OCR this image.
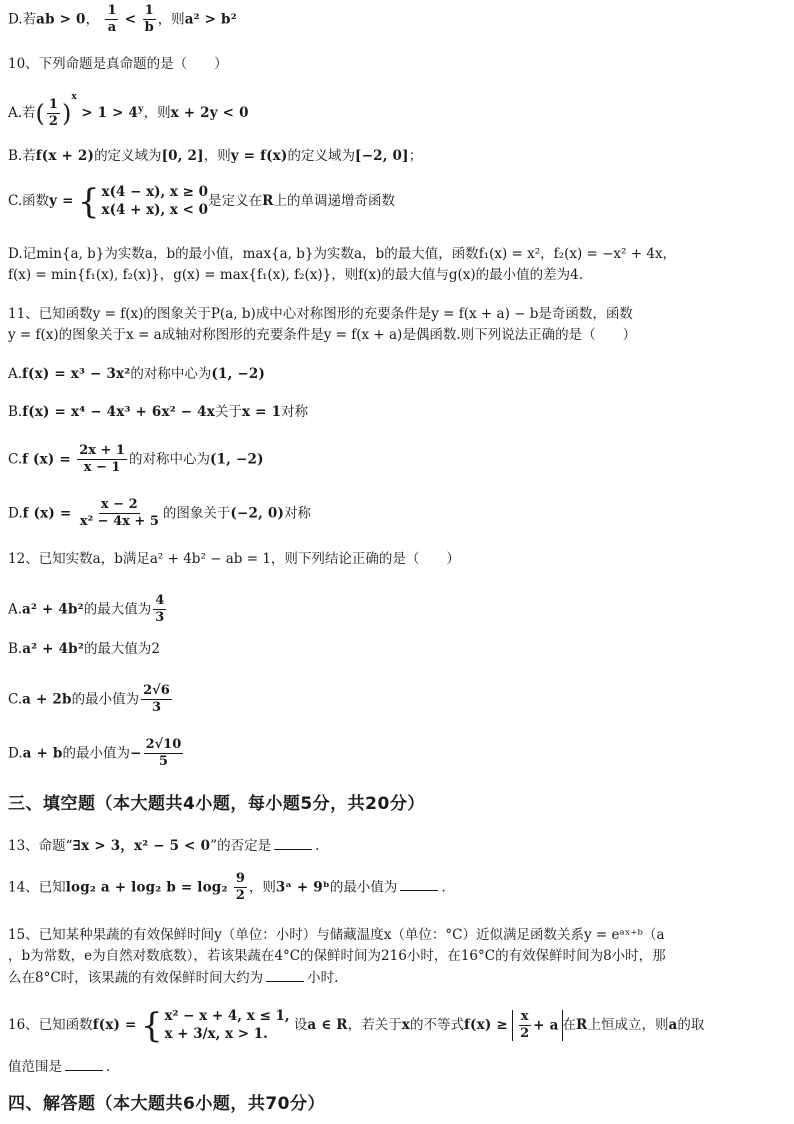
D.若ab > 0， $\frac{1}{a} < \frac{1}{b}$ ，则a² > b²
10、下列命题是真命题的是（　　）
A.若( $\frac{1}{2} )^x > 1 > 4^y$，则x + 2y < 0
B.若f(x + 2)的定义域为[0, 2]，则y = f(x)的定义域为[−2, 0]；
C.函数y = { x(4 − x), x ≥ 0
x(4 + x), x < 0
是定义在R上的单调递增奇函数
D.记min{a, b}为实数a，b的最小值，max{a, b}为实数a，b的最大值，函数f₁(x) = x²，f₂(x) = −x² + 4x，
f(x) = min{f₁(x), f₂(x)}，g(x) = max{f₁(x), f₂(x)}，则f(x)的最大值与g(x)的最小值的差为4.
11、已知函数y = f(x)的图象关于P(a, b)成中心对称图形的充要条件是y = f(x + a) − b是奇函数，函数
y = f(x)的图象关于x = a成轴对称图形的充要条件是y = f(x + a)是偶函数.则下列说法正确的是（　　）
A.f(x) = x³ − 3x²的对称中心为(1, −2)
B.f(x) = x⁴ − 4x³ + 6x² − 4x关于x = 1对称
C.f $(x) = \frac{2x + 1}{x - 1}$ 的对称中心为(1, −2)
D.f $(x) = \frac{x - 2}{\text{x² − 4x + 5}}$ 的图象关于(−2, 0)对称
12、已知实数a，b满足a² + 4b² − ab = 1，则下列结论正确的是（　　）
A.a² + 4b²的最大值为 $\frac{4}{3}$
B.a² + 4b²的最大值为2
C.a + 2b的最小值为 $\frac{2√6}{3}$
D.a + b的最小值为− $\frac{2√10}{5}$
三、填空题（本大题共4小题，每小题5分，共20分）
13、命题“∃x > 3，x² − 5 < 0”的否定是	.
14、已知log₂ a + log₂ $b = \log_2 \frac{9}{2}$ ，则3ᵃ + 9ᵇ的最小值为	.
15、已知某种果蔬的有效保鲜时间y（单位：小时）与储藏温度x（单位：°C）近似满足函数关系y = eᵃˣ⁺ᵇ（a
，b为常数，e为自然对数底数），若该果蔬在4°C的保鲜时间为216小时，在16°C的有效保鲜时间为8小时，那
么在8°C时，该果蔬的有效保鲜时间大约为	小时.
16、已知函数f(x) = { x² − x + 4, x ≤ 1,
x + 3/x, x > 1.
设a ∈ R，若关于x的不等式$f(x) \ge \frac{x}{2} + a$ 在R上恒成立，则a的取
值范围是	.
四、解答题（本大题共6小题，共70分）
